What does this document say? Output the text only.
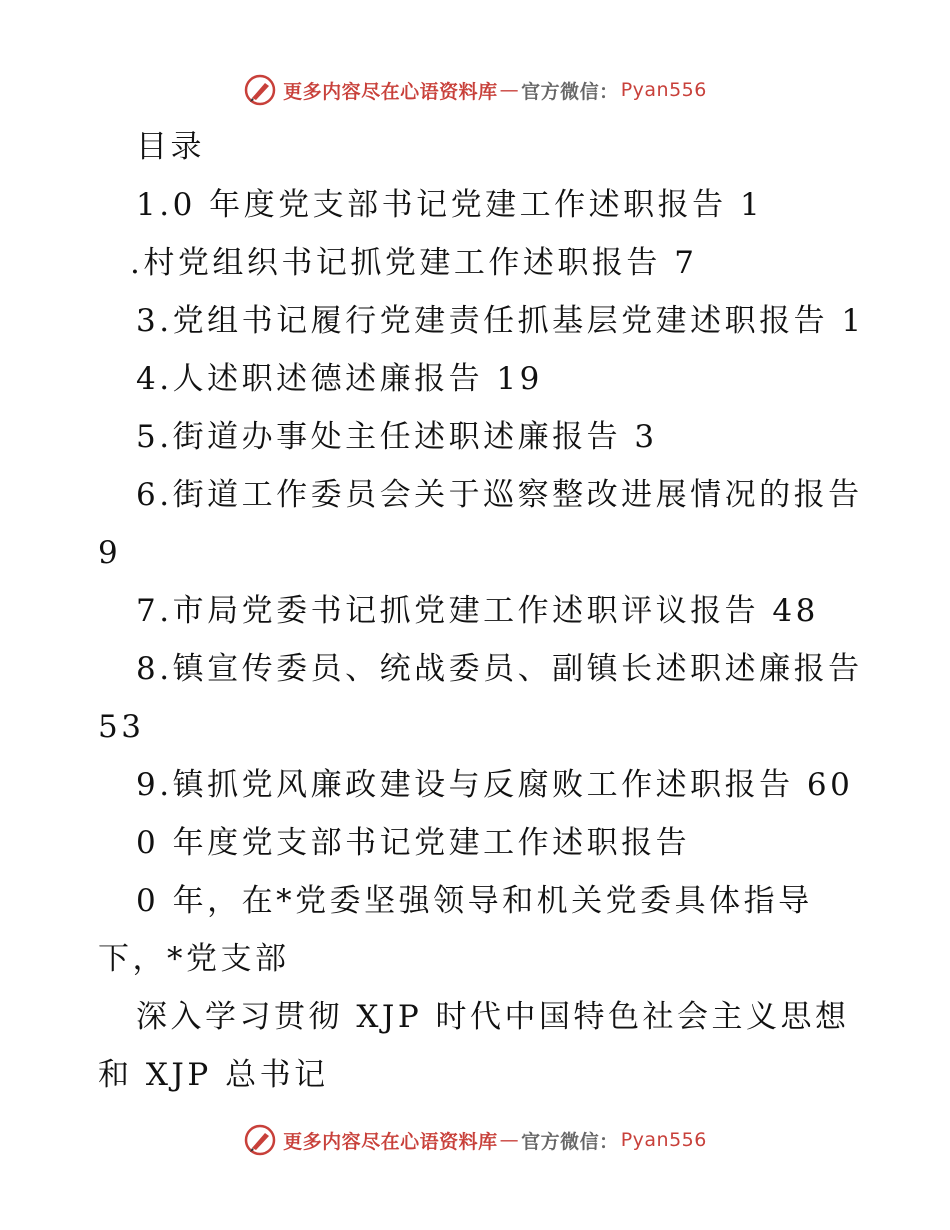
更多内容尽在心语资料库 — 官方微信： Pyan556
目录
1.0 年度党支部书记党建工作述职报告 1
.村党组织书记抓党建工作述职报告 7
3.党组书记履行党建责任抓基层党建述职报告 1
4.人述职述德述廉报告 19
5.街道办事处主任述职述廉报告 3
6.街道工作委员会关于巡察整改进展情况的报告
9
7.市局党委书记抓党建工作述职评议报告 48
8.镇宣传委员、统战委员、副镇长述职述廉报告
53
9.镇抓党风廉政建设与反腐败工作述职报告 60
0 年度党支部书记党建工作述职报告
0 年，在*党委坚强领导和机关党委具体指导
下，*党支部
深入学习贯彻 XJP 时代中国特色社会主义思想
和 XJP 总书记
更多内容尽在心语资料库 — 官方微信： Pyan556
